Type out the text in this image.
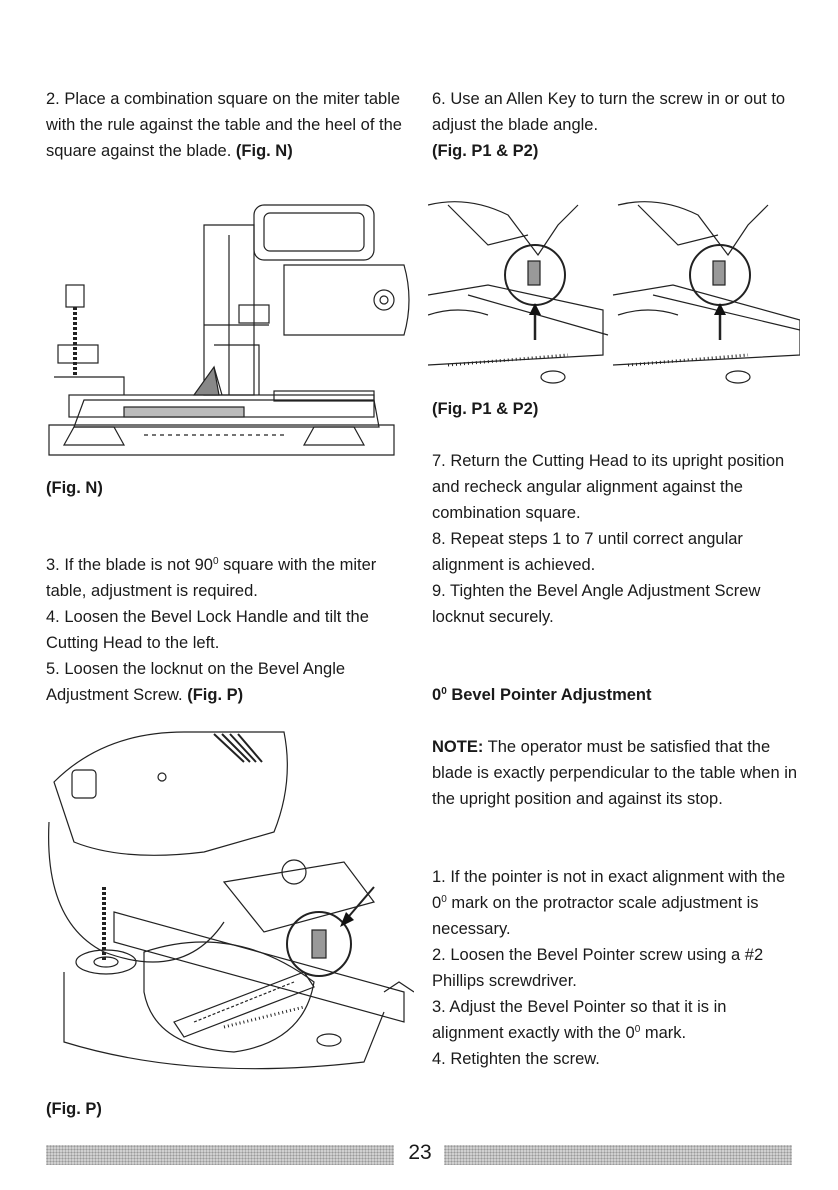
2. Place a combination square on the miter table with the rule against the table and the heel of the square against the blade. (Fig. N)

(Fig. N)

3. If the blade is not $90^0$ square with the miter table, adjustment is required.

4. Loosen the Bevel Lock Handle and tilt the Cutting Head to the left.

5. Loosen the locknut on the Bevel Angle Adjustment Screw. (Fig. P)

(Fig. P)

6. Use an Allen Key to turn the screw in or out to adjust the blade angle.

(Fig. P1 & P2)

(Fig. P1 & P2)

7. Return the Cutting Head to its upright position and recheck angular alignment against the combination square.

8. Repeat steps 1 to 7 until correct angular alignment is achieved.

9. Tighten the Bevel Angle Adjustment Screw locknut securely.

$0^0$ Bevel Pointer Adjustment

NOTE: The operator must be satisfied that the blade is exactly perpendicular to the table when in the upright position and against its stop.

1. If the pointer is not in exact alignment with the $0^0$ mark on the protractor scale adjustment is necessary.

2. Loosen the Bevel Pointer screw using a #2 Phillips screwdriver.

3. Adjust the Bevel Pointer so that it is in alignment exactly with the $0^0$ mark.

4. Retighten the screw.

23
